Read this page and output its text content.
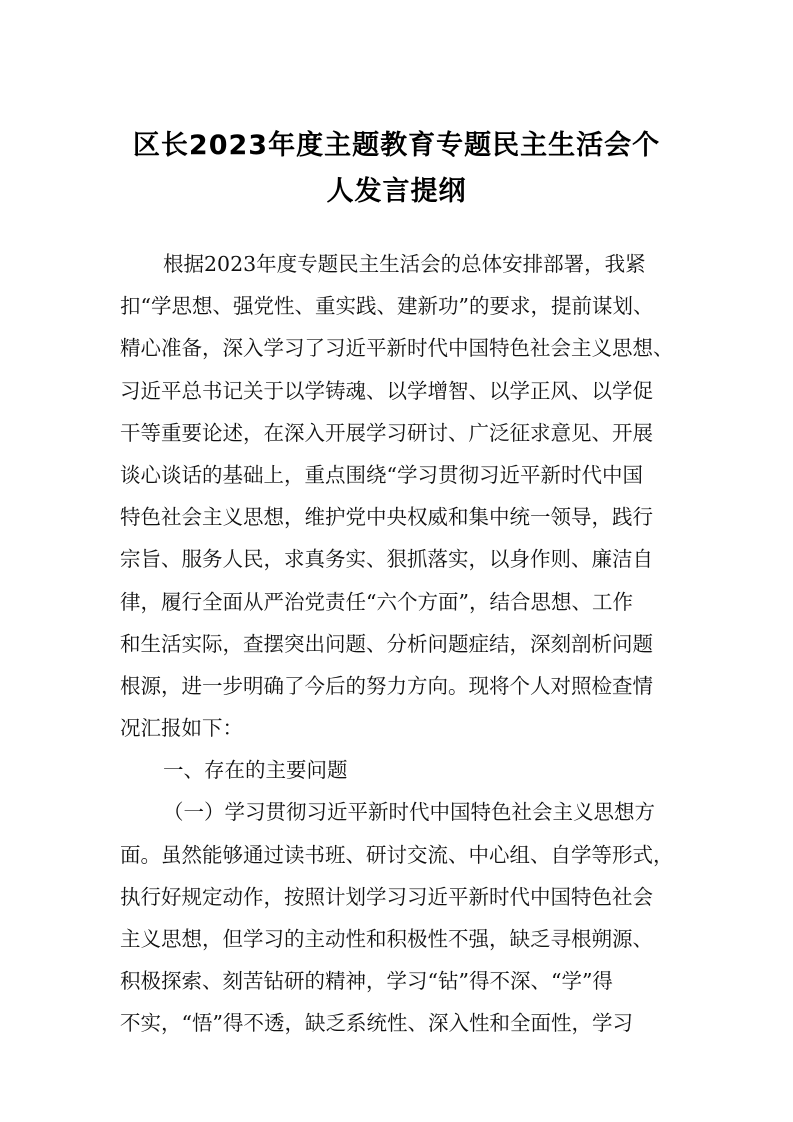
区长2023年度主题教育专题民主生活会个
人发言提纲
根据2023年度专题民主生活会的总体安排部署，我紧
扣“学思想、强党性、重实践、建新功”的要求，提前谋划、
精心准备，深入学习了习近平新时代中国特色社会主义思想、
习近平总书记关于以学铸魂、以学增智、以学正风、以学促
干等重要论述，在深入开展学习研讨、广泛征求意见、开展
谈心谈话的基础上，重点围绕“学习贯彻习近平新时代中国
特色社会主义思想，维护党中央权威和集中统一领导，践行
宗旨、服务人民，求真务实、狠抓落实，以身作则、廉洁自
律，履行全面从严治党责任“六个方面”，结合思想、工作
和生活实际，查摆突出问题、分析问题症结，深刻剖析问题
根源，进一步明确了今后的努力方向。现将个人对照检查情
况汇报如下：
一、存在的主要问题
（一）学习贯彻习近平新时代中国特色社会主义思想方
面。虽然能够通过读书班、研讨交流、中心组、自学等形式，
执行好规定动作，按照计划学习习近平新时代中国特色社会
主义思想，但学习的主动性和积极性不强，缺乏寻根朔源、
积极探索、刻苦钻研的精神，学习“钻”得不深、“学”得
不实，“悟”得不透，缺乏系统性、深入性和全面性，学习
